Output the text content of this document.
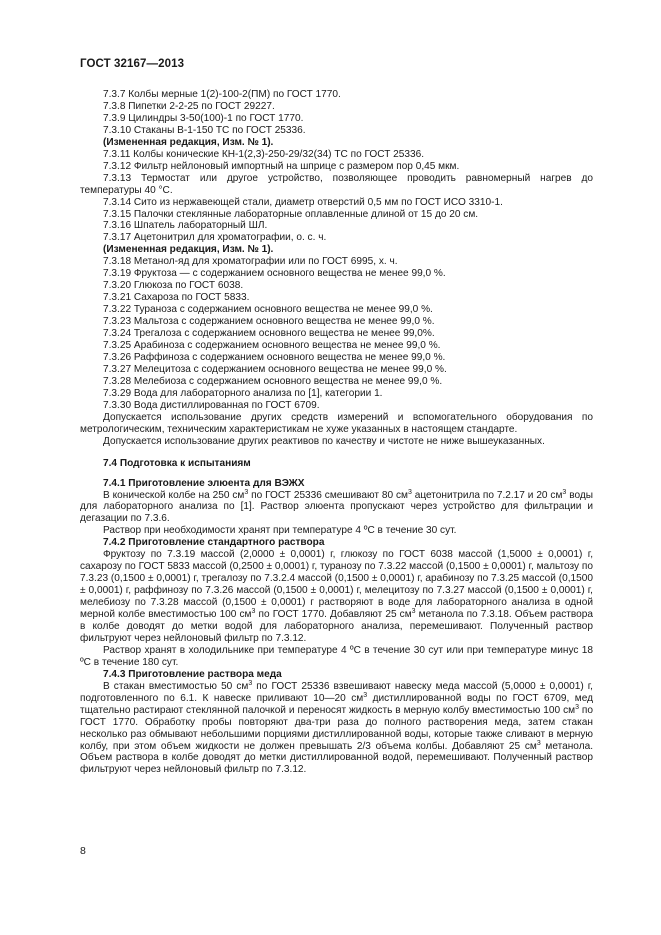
ГОСТ 32167—2013
7.3.7 Колбы мерные 1(2)-100-2(ПМ) по ГОСТ 1770.
7.3.8 Пипетки 2-2-25 по ГОСТ 29227.
7.3.9 Цилиндры 3-50(100)-1 по ГОСТ 1770.
7.3.10 Стаканы В-1-150 ТС по ГОСТ 25336.
(Измененная редакция, Изм. № 1).
7.3.11 Колбы конические КН-1(2,3)-250-29/32(34) ТС по ГОСТ 25336.
7.3.12 Фильтр нейлоновый импортный на шприце с размером пор 0,45 мкм.
7.3.13 Термостат или другое устройство, позволяющее проводить равномерный нагрев до температуры 40 °С.
7.3.14 Сито из нержавеющей стали, диаметр отверстий 0,5 мм по ГОСТ ИСО 3310-1.
7.3.15 Палочки стеклянные лабораторные оплавленные длиной от 15 до 20 см.
7.3.16 Шпатель лабораторный ШЛ.
7.3.17 Ацетонитрил для хроматографии, о. с. ч.
(Измененная редакция, Изм. № 1).
7.3.18 Метанол-яд для хроматографии или по ГОСТ 6995, х. ч.
7.3.19 Фруктоза — с содержанием основного вещества не менее 99,0 %.
7.3.20 Глюкоза по ГОСТ 6038.
7.3.21 Сахароза по ГОСТ 5833.
7.3.22 Тураноза с содержанием основного вещества не менее 99,0 %.
7.3.23 Мальтоза с содержанием основного вещества не менее 99,0 %.
7.3.24 Трегалоза с содержанием основного вещества не менее 99,0%.
7.3.25 Арабиноза с содержанием основного вещества не менее 99,0 %.
7.3.26 Раффиноза с содержанием основного вещества не менее 99,0 %.
7.3.27 Мелецитоза с содержанием основного вещества не менее 99,0 %.
7.3.28 Мелебиоза с содержанием основного вещества не менее 99,0 %.
7.3.29 Вода для лабораторного анализа по [1], категории 1.
7.3.30 Вода дистиллированная по ГОСТ 6709.
Допускается использование других средств измерений и вспомогательного оборудования по метрологическим, техническим характеристикам не хуже указанных в настоящем стандарте.
Допускается использование других реактивов по качеству и чистоте не ниже вышеуказанных.
7.4 Подготовка к испытаниям
7.4.1 Приготовление элюента для ВЭЖХ
В конической колбе на 250 $см^3$ по ГОСТ 25336 смешивают 80 $см^3$ ацетонитрила по 7.2.17 и 20 $см^3$ воды для лабораторного анализа по [1]. Раствор элюента пропускают через устройство для фильтрации и дегазации по 7.3.6.
Раствор при необходимости хранят при температуре 4 ºС в течение 30 сут.
7.4.2 Приготовление стандартного раствора
Фруктозу по 7.3.19 массой (2,0000 ± 0,0001) г, глюкозу по ГОСТ 6038 массой (1,5000 ± 0,0001) г, сахарозу по ГОСТ 5833 массой (0,2500 ± 0,0001) г, туранозу по 7.3.22 массой (0,1500 ± 0,0001) г, мальтозу по 7.3.23 (0,1500 ± 0,0001) г, трегалозу по 7.3.2.4 массой (0,1500 ± 0,0001) г, арабинозу по 7.3.25 массой (0,1500 ± 0,0001) г, раффинозу по 7.3.26 массой (0,1500 ± 0,0001) г, мелецитозу по 7.3.27 массой (0,1500 ± 0,0001) г, мелебиозу по 7.3.28 массой (0,1500 ± 0,0001) г растворяют в воде для лабораторного анализа в одной мерной колбе вместимостью 100 $см^3$ по ГОСТ 1770. Добавляют 25 $см^3$ метанола по 7.3.18. Объем раствора в колбе доводят до метки водой для лабораторного анализа, перемешивают. Полученный раствор фильтруют через нейлоновый фильтр по 7.3.12.
Раствор хранят в холодильнике при температуре 4 ºС в течение 30 сут или при температуре минус 18 ºС в течение 180 сут.
7.4.3 Приготовление раствора меда
В стакан вместимостью 50 $см^3$ по ГОСТ 25336 взвешивают навеску меда массой (5,0000 ± 0,0001) г, подготовленного по 6.1. К навеске приливают 10—20 $см^3$ дистиллированной воды по ГОСТ 6709, мед тщательно растирают стеклянной палочкой и переносят жидкость в мерную колбу вместимостью 100 $см^3$ по ГОСТ 1770. Обработку пробы повторяют два-три раза до полного растворения меда, затем стакан несколько раз обмывают небольшими порциями дистиллированной воды, которые также сливают в мерную колбу, при этом объем жидкости не должен превышать 2/3 объема колбы. Добавляют 25 $см^3$ метанола. Объем раствора в колбе доводят до метки дистиллированной водой, перемешивают. Полученный раствор фильтруют через нейлоновый фильтр по 7.3.12.
8
